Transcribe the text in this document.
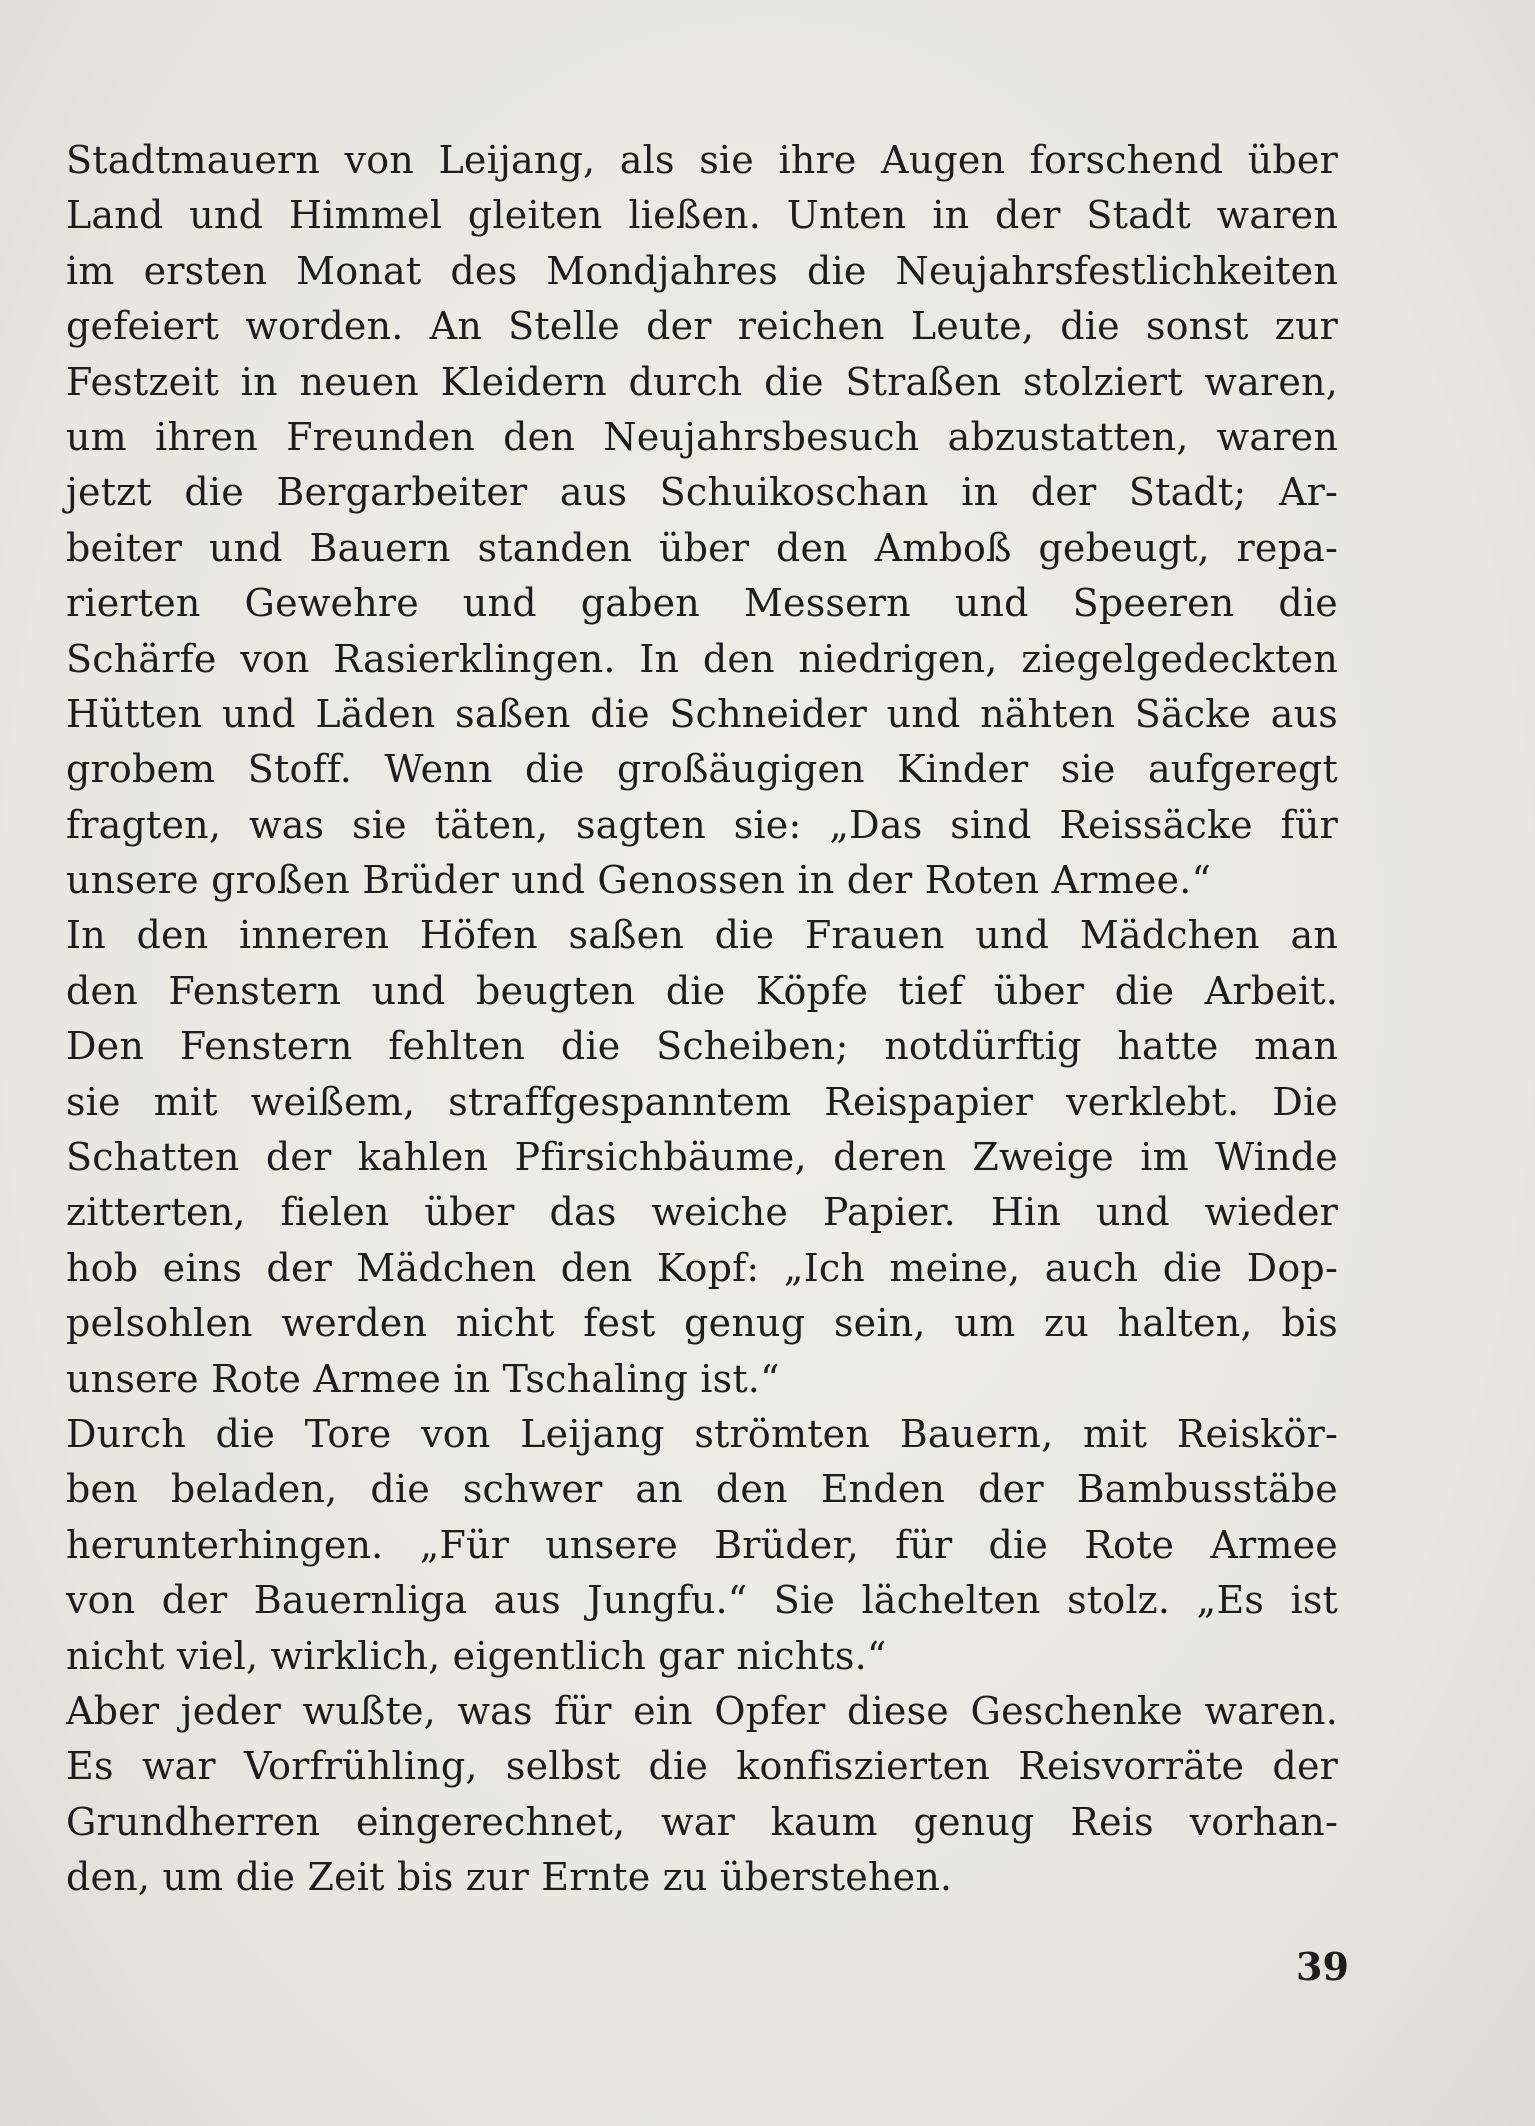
Stadtmauern von Leijang, als sie ihre Augen forschend über
Land und Himmel gleiten ließen. Unten in der Stadt waren
im ersten Monat des Mondjahres die Neujahrsfestlichkeiten
gefeiert worden. An Stelle der reichen Leute, die sonst zur
Festzeit in neuen Kleidern durch die Straßen stolziert waren,
um ihren Freunden den Neujahrsbesuch abzustatten, waren
jetzt die Bergarbeiter aus Schuikoschan in der Stadt; Ar-
beiter und Bauern standen über den Amboß gebeugt, repa-
rierten Gewehre und gaben Messern und Speeren die
Schärfe von Rasierklingen. In den niedrigen, ziegelgedeckten
Hütten und Läden saßen die Schneider und nähten Säcke aus
grobem Stoff. Wenn die großäugigen Kinder sie aufgeregt
fragten, was sie täten, sagten sie: „Das sind Reissäcke für
unsere großen Brüder und Genossen in der Roten Armee.“
In den inneren Höfen saßen die Frauen und Mädchen an
den Fenstern und beugten die Köpfe tief über die Arbeit.
Den Fenstern fehlten die Scheiben; notdürftig hatte man
sie mit weißem, straffgespanntem Reispapier verklebt. Die
Schatten der kahlen Pfirsichbäume, deren Zweige im Winde
zitterten, fielen über das weiche Papier. Hin und wieder
hob eins der Mädchen den Kopf: „Ich meine, auch die Dop-
pelsohlen werden nicht fest genug sein, um zu halten, bis
unsere Rote Armee in Tschaling ist.“
Durch die Tore von Leijang strömten Bauern, mit Reiskör-
ben beladen, die schwer an den Enden der Bambusstäbe
herunterhingen. „Für unsere Brüder, für die Rote Armee
von der Bauernliga aus Jungfu.“ Sie lächelten stolz. „Es ist
nicht viel, wirklich, eigentlich gar nichts.“
Aber jeder wußte, was für ein Opfer diese Geschenke waren.
Es war Vorfrühling, selbst die konfiszierten Reisvorräte der
Grundherren eingerechnet, war kaum genug Reis vorhan-
den, um die Zeit bis zur Ernte zu überstehen.
39
